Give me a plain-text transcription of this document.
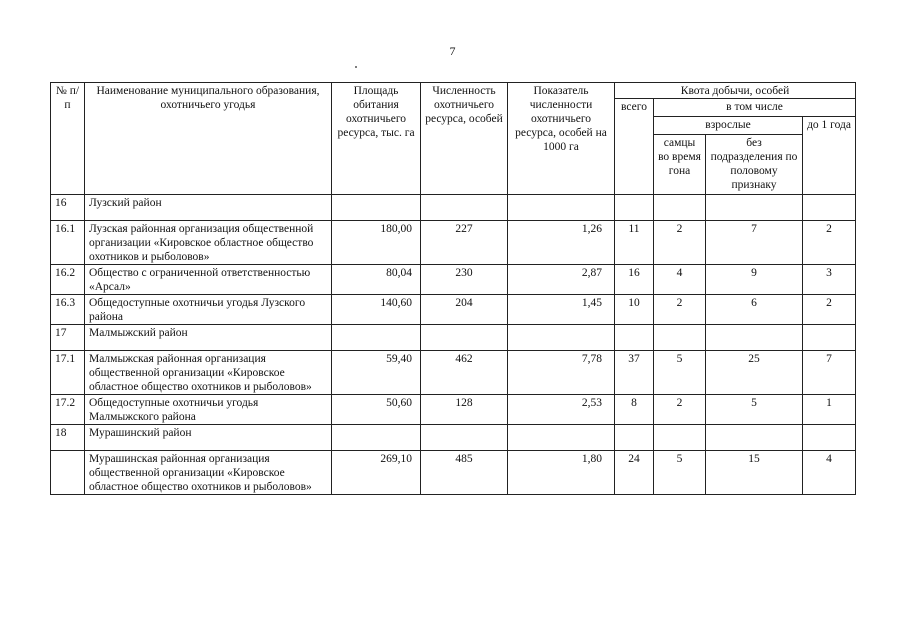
7
№ п/п	Наименование муниципального образования, охотничьего угодья	Площадь обитания охотничьего ресурса, тыс. га	Численность охотничьего ресурса, особей	Показатель численности охотничьего ресурса, особей на 1000 га	Квота добычи, особей			
					всего	в том числе		
						взрослые		до 1 года
						самцы во время гона	без подразделения по половому признаку	
16	Лузский район							
16.1	Лузская районная организация общественной организации «Кировское областное общество охотников и рыболовов»	180,00	227	1,26	11	2	7	2
16.2	Общество с ограниченной ответственностью «Арсал»	80,04	230	2,87	16	4	9	3
16.3	Общедоступные охотничьи угодья Лузского района	140,60	204	1,45	10	2	6	2
17	Малмыжский район							
17.1	Малмыжская районная организация общественной организации «Кировское областное общество охотников и рыболовов»	59,40	462	7,78	37	5	25	7
17.2	Общедоступные охотничьи угодья Малмыжского района	50,60	128	2,53	8	2	5	1
18	Мурашинский район							
	Мурашинская районная организация общественной организации «Кировское областное общество охотников и рыболовов»	269,10	485	1,80	24	5	15	4
